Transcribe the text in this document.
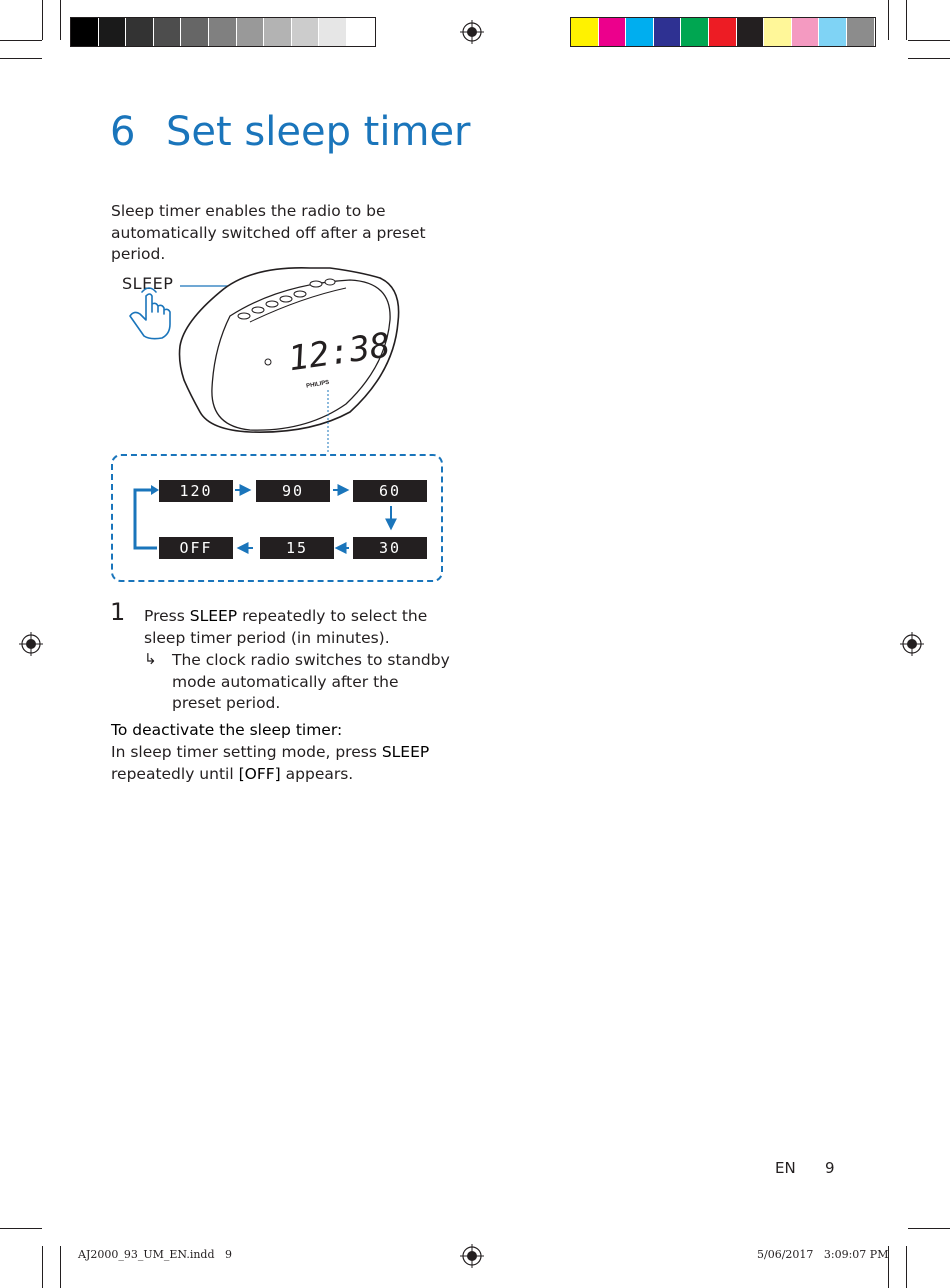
6 Set sleep timer

Sleep timer enables the radio to be automatically switched off after a preset period.

SLEEP
12:38
PHILIPS
120	90	60
30
15
OFF
1 Press SLEEP repeatedly to select the sleep timer period (in minutes).
↳ The clock radio switches to standby mode automatically after the preset period.
To deactivate the sleep timer:
In sleep timer setting mode, press SLEEP repeatedly until [OFF] appears.
EN 9
AJ2000_93_UM_EN.indd   9	5/06/2017   3:09:07 PM
